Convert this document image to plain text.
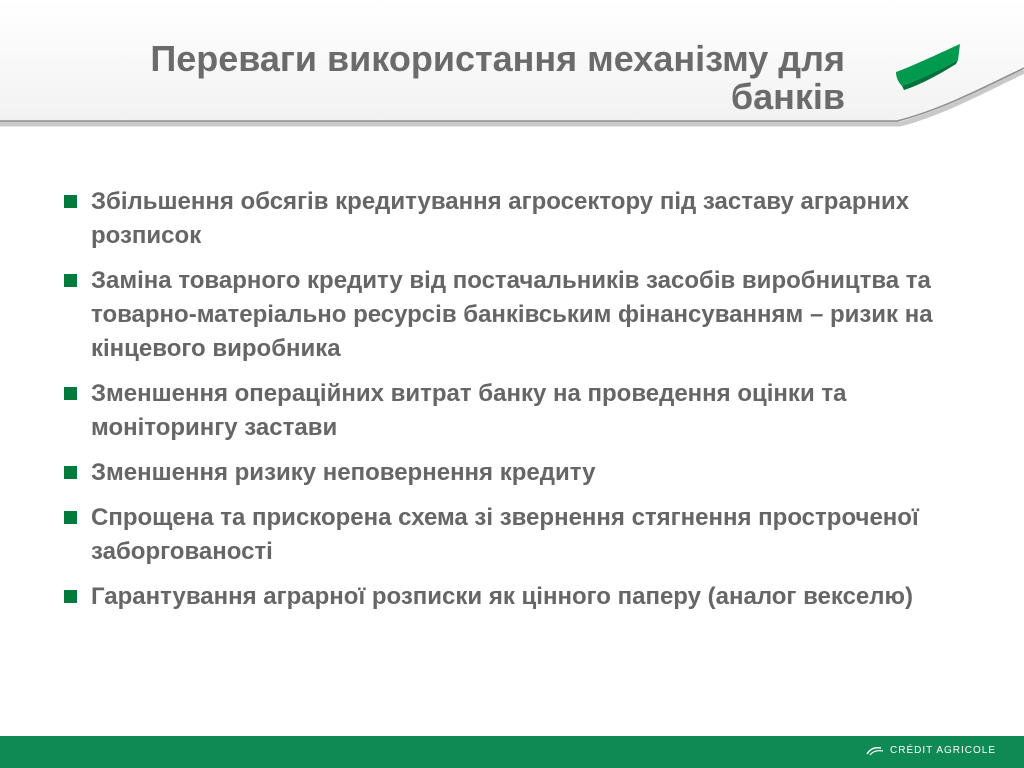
Переваги використання механізму для банків
Збільшення обсягів кредитування агросектору під заставу аграрних розписок
Заміна товарного кредиту від постачальників засобів виробництва та товарно-матеріально ресурсів банківським фінансуванням – ризик на кінцевого виробника
Зменшення операційних витрат банку на проведення оцінки та моніторингу застави
Зменшення ризику неповернення кредиту
Спрощена та прискорена схема зі звернення стягнення простроченої заборгованості
Гарантування аграрної розписки як цінного паперу (аналог векселю)
CRÉDIT AGRICOLE
